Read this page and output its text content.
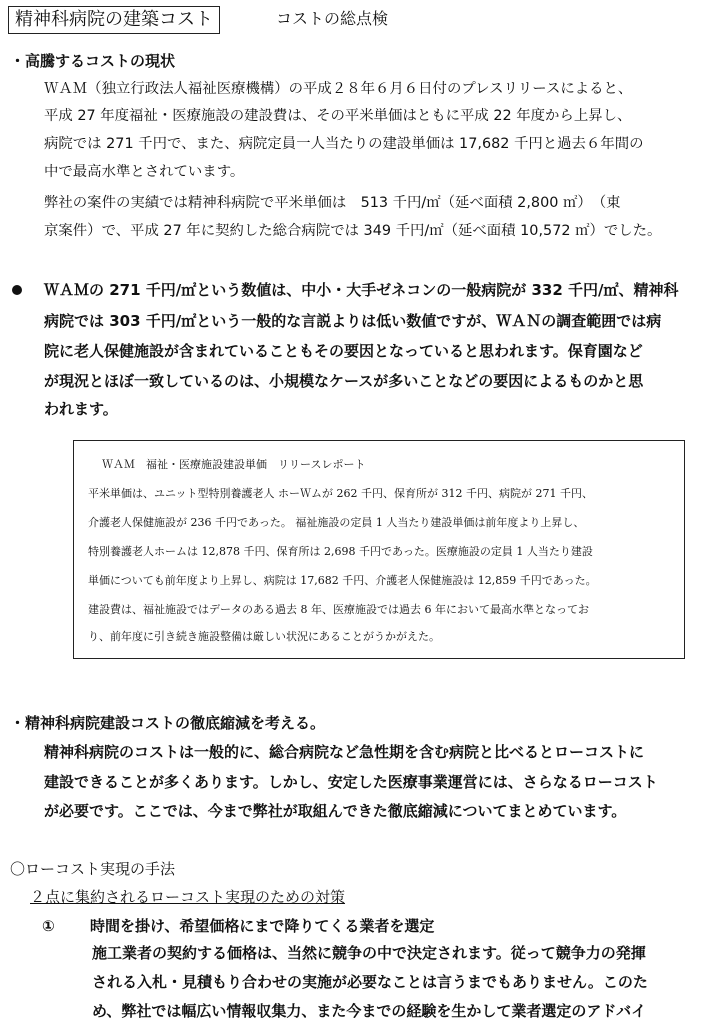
精神科病院の建築コスト	コストの総点検
・高騰するコストの現状
ＷＡＭ（独立行政法人福祉医療機構）の平成２８年６月６日付のプレスリリースによると、
平成 27 年度福祉・医療施設の建設費は、その平米単価はともに平成 22 年度から上昇し、
病院では 271 千円で、また、病院定員一人当たりの建設単価は 17,682 千円と過去６年間の
中で最高水準とされています。
弊社の案件の実績では精神科病院で平米単価は　513 千円/㎡（延べ面積 2,800 ㎡）　（東
京案件）で、平成 27 年に契約した総合病院では 349 千円/㎡（延べ面積 10,572 ㎡）でした。
ＷＡＭの 271 千円/㎡という数値は、中小・大手ゼネコンの一般病院が 332 千円/㎡、精神科
病院では 303 千円/㎡という一般的な言説よりは低い数値ですが、ＷＡＮの調査範囲では病
院に老人保健施設が含まれていることもその要因となっていると思われます。保育園など
が現況とほぼ一致しているのは、小規模なケースが多いことなどの要因によるものかと思
われます。
ＷＡＭ　福祉・医療施設建設単価　リリースレポート
平米単価は、ユニット型特別養護老人 ホーＷムが 262 千円、保育所が 312 千円、病院が 271 千円、
介護老人保健施設が 236 千円であった。 福祉施設の定員 1 人当たり建設単価は前年度より上昇し、
特別養護老人ホームは 12,878 千円、保育所は 2,698 千円であった。医療施設の定員 1 人当たり建設
単価についても前年度より上昇し、病院は 17,682 千円、介護老人保健施設は 12,859 千円であった。
建設費は、福祉施設ではデータのある過去 8 年、医療施設では過去 6 年において最高水準となってお
り、前年度に引き続き施設整備は厳しい状況にあることがうかがえた。
・精神科病院建設コストの徹底縮減を考える。
精神科病院のコストは一般的に、総合病院など急性期を含む病院と比べるとローコストに
建設できることが多くあります。しかし、安定した医療事業運営には、さらなるローコスト
が必要です。ここでは、今まで弊社が取組んできた徹底縮減についてまとめています。
〇ローコスト実現の手法
２点に集約されるローコスト実現のための対策
① 時間を掛け、希望価格にまで降りてくる業者を選定
施工業者の契約する価格は、当然に競争の中で決定されます。従って競争力の発揮
される入札・見積もり合わせの実施が必要なことは言うまでもありません。このた
め、弊社では幅広い情報収集力、また今までの経験を生かして業者選定のアドバイ
